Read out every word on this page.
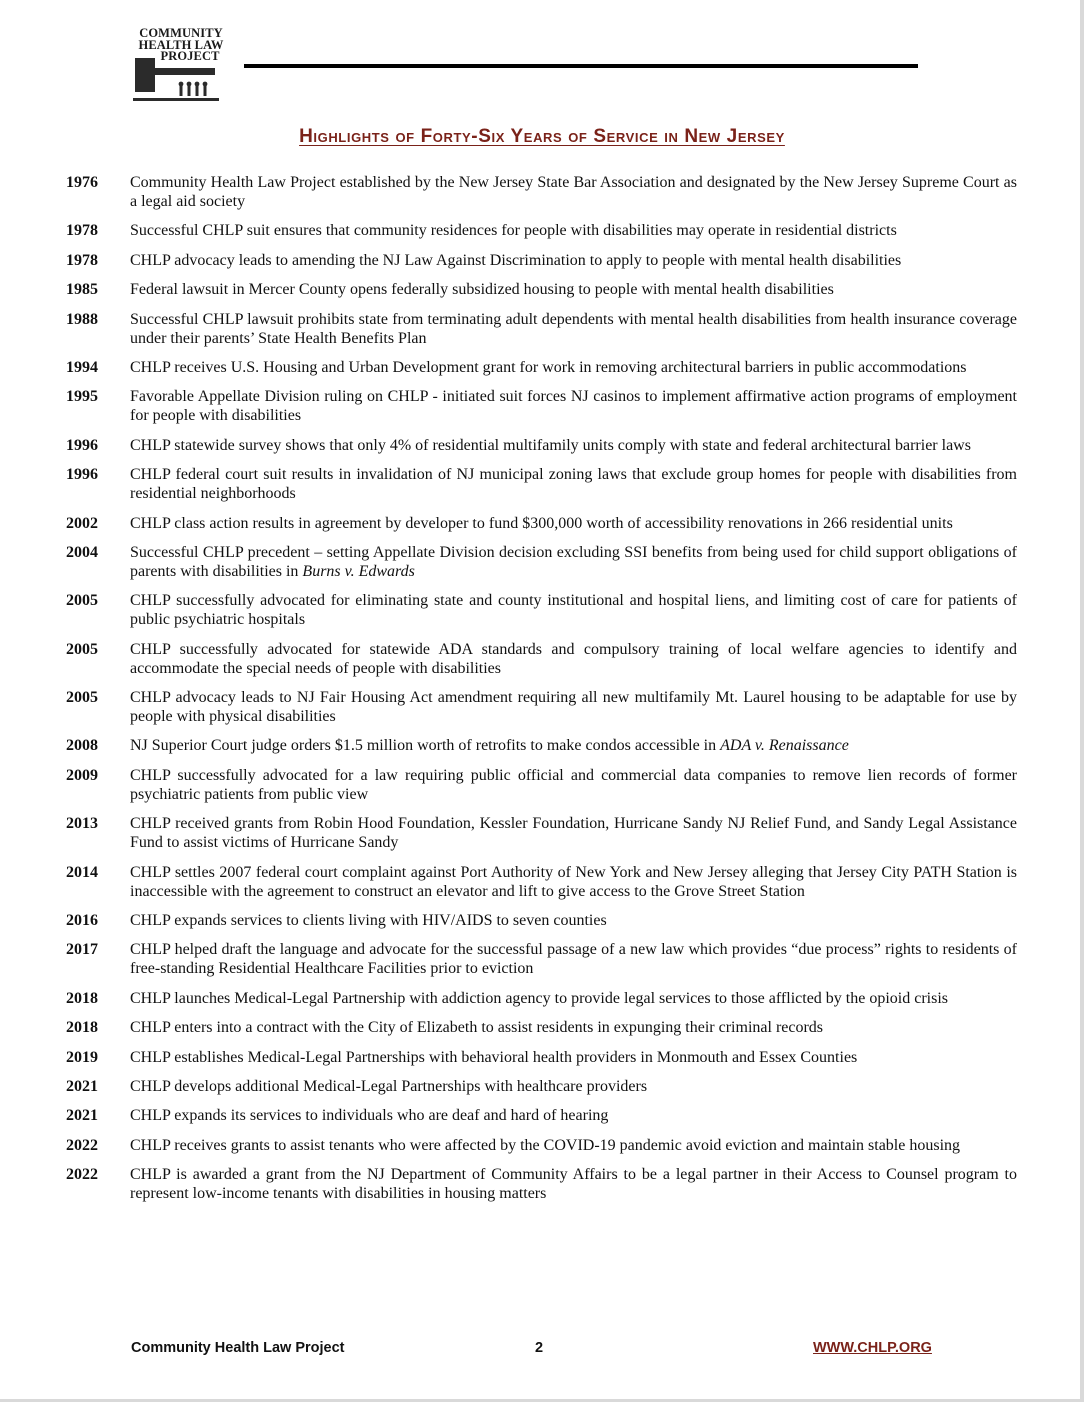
COMMUNITY
HEALTH LAW
PROJECT
Highlights of Forty-Six Years of Service in New Jersey
1976	Community Health Law Project established by the New Jersey State Bar Association and designated by the New Jersey Supreme Court as a legal aid society
1978	Successful CHLP suit ensures that community residences for people with disabilities may operate in residential districts
1978	CHLP advocacy leads to amending the NJ Law Against Discrimination to apply to people with mental health disabilities
1985	Federal lawsuit in Mercer County opens federally subsidized housing to people with mental health disabilities
1988	Successful CHLP lawsuit prohibits state from terminating adult dependents with mental health disabilities from health insurance coverage under their parents’ State Health Benefits Plan
1994	CHLP receives U.S. Housing and Urban Development grant for work in removing architectural barriers in public accommodations
1995	Favorable Appellate Division ruling on CHLP - initiated suit forces NJ casinos to implement affirmative action programs of employment for people with disabilities
1996	CHLP statewide survey shows that only 4% of residential multifamily units comply with state and federal architectural barrier laws
1996	CHLP federal court suit results in invalidation of NJ municipal zoning laws that exclude group homes for people with disabilities from residential neighborhoods
2002	CHLP class action results in agreement by developer to fund $300,000 worth of accessibility renovations in 266 residential units
2004	Successful CHLP precedent – setting Appellate Division decision excluding SSI benefits from being used for child support obligations of parents with disabilities in Burns v. Edwards
2005	CHLP successfully advocated for eliminating state and county institutional and hospital liens, and limiting cost of care for patients of public psychiatric hospitals
2005	CHLP successfully advocated for statewide ADA standards and compulsory training of local welfare agencies to identify and accommodate the special needs of people with disabilities
2005	CHLP advocacy leads to NJ Fair Housing Act amendment requiring all new multifamily Mt. Laurel housing to be adaptable for use by people with physical disabilities
2008	NJ Superior Court judge orders $1.5 million worth of retrofits to make condos accessible in ADA v. Renaissance
2009	CHLP successfully advocated for a law requiring public official and commercial data companies to remove lien records of former psychiatric patients from public view
2013	CHLP received grants from Robin Hood Foundation, Kessler Foundation, Hurricane Sandy NJ Relief Fund, and Sandy Legal Assistance Fund to assist victims of Hurricane Sandy
2014	CHLP settles 2007 federal court complaint against Port Authority of New York and New Jersey alleging that Jersey City PATH Station is inaccessible with the agreement to construct an elevator and lift to give access to the Grove Street Station
2016	CHLP expands services to clients living with HIV/AIDS to seven counties
2017	CHLP helped draft the language and advocate for the successful passage of a new law which provides “due process” rights to residents of free-standing Residential Healthcare Facilities prior to eviction
2018	CHLP launches Medical-Legal Partnership with addiction agency to provide legal services to those afflicted by the opioid crisis
2018	CHLP enters into a contract with the City of Elizabeth to assist residents in expunging their criminal records
2019	CHLP establishes Medical-Legal Partnerships with behavioral health providers in Monmouth and Essex Counties
2021	CHLP develops additional Medical-Legal Partnerships with healthcare providers
2021	CHLP expands its services to individuals who are deaf and hard of hearing
2022	CHLP receives grants to assist tenants who were affected by the COVID-19 pandemic avoid eviction and maintain stable housing
2022	CHLP is awarded a grant from the NJ Department of Community Affairs to be a legal partner in their Access to Counsel program to represent low-income tenants with disabilities in housing matters
Community Health Law Project	2	WWW.CHLP.ORG
